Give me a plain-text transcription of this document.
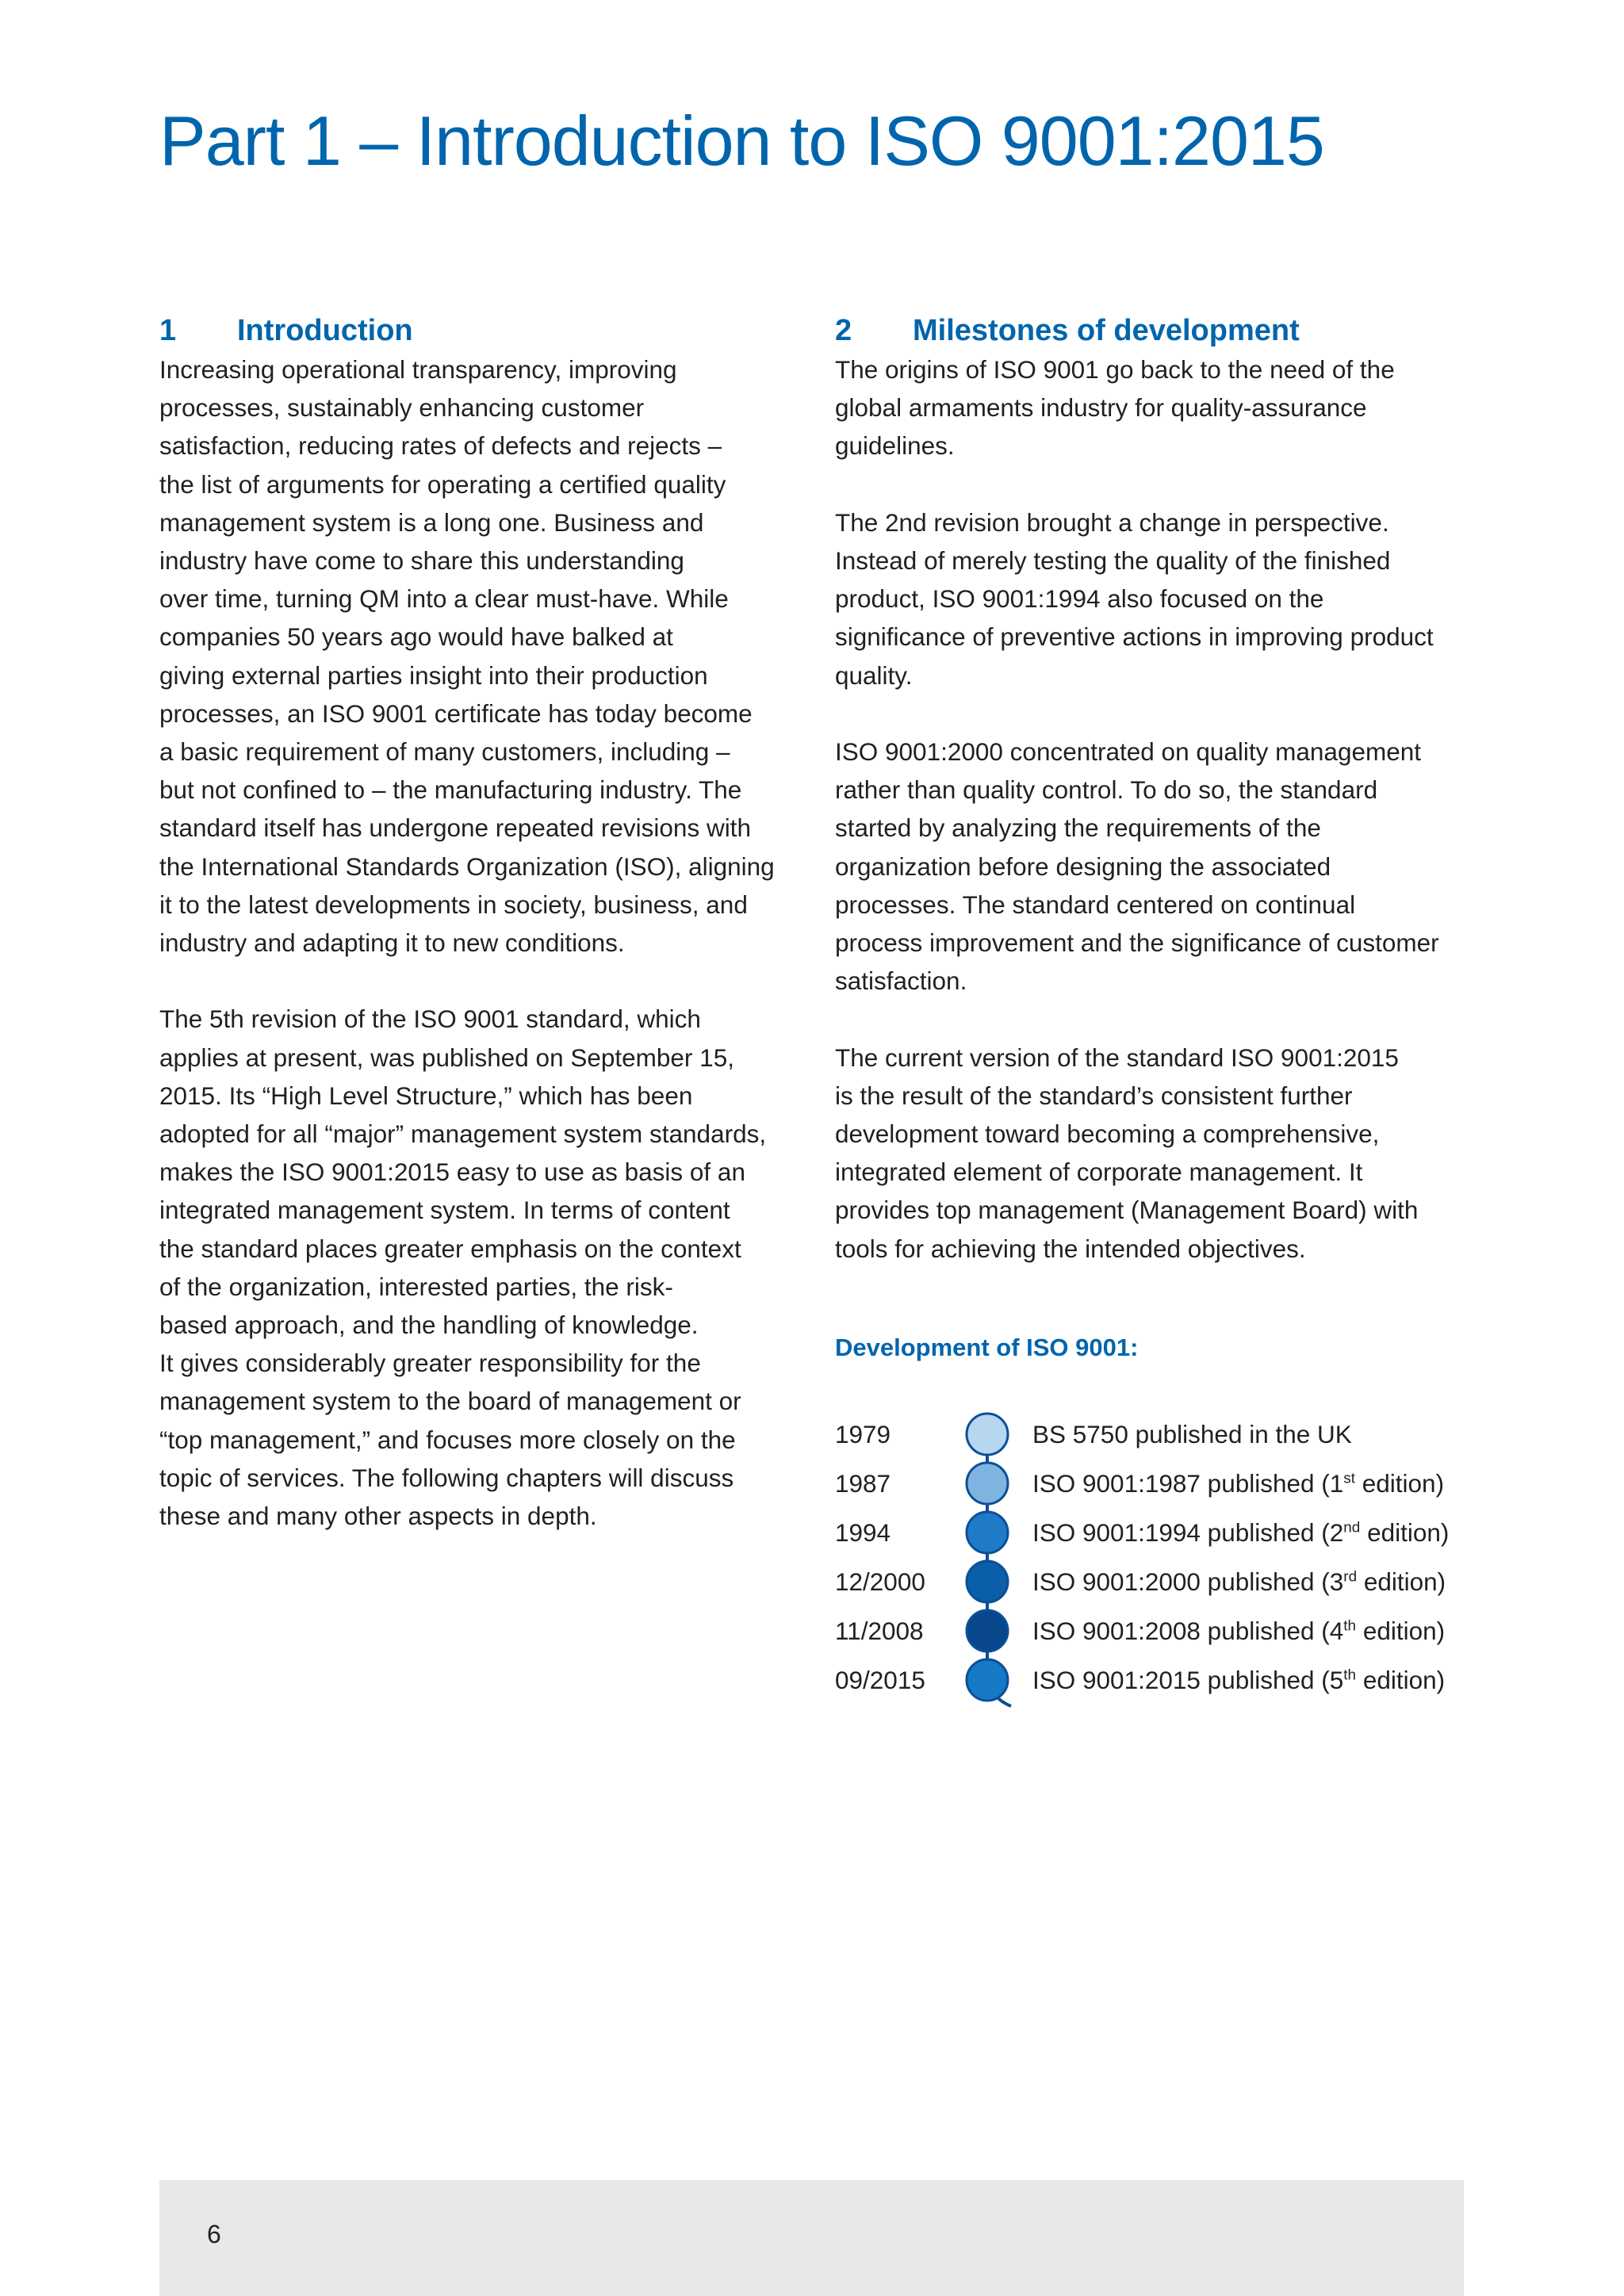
Part 1 – Introduction to ISO 9001:2015
1	Introduction

Increasing operational transparency, improving
processes, sustainably enhancing customer
satisfaction, reducing rates of defects and rejects –
the list of arguments for operating a certified quality
management system is a long one. Business and
industry have come to share this understanding
over time, turning QM into a clear must-have. While
companies 50 years ago would have balked at
giving external parties insight into their production
processes, an ISO 9001 certificate has today become
a basic requirement of many customers, including –
but not confined to – the manufacturing industry. The
standard itself has undergone repeated revisions with
the International Standards Organization (ISO), aligning
it to the latest developments in society, business, and
industry and adapting it to new conditions.

The 5th revision of the ISO 9001 standard, which
applies at present, was published on September 15,
2015. Its “High Level Structure,” which has been
adopted for all “major” management system standards,
makes the ISO 9001:2015 easy to use as basis of an
integrated management system. In terms of content
the standard places greater emphasis on the context
of the organization, interested parties, the risk-
based approach, and the handling of knowledge.
It gives considerably greater responsibility for the
management system to the board of management or
“top management,” and focuses more closely on the
topic of services. The following chapters will discuss
these and many other aspects in depth.

2	Milestones of development

The origins of ISO 9001 go back to the need of the
global armaments industry for quality-assurance
guidelines.

The 2nd revision brought a change in perspective.
Instead of merely testing the quality of the finished
product, ISO 9001:1994 also focused on the
significance of preventive actions in improving product
quality.

ISO 9001:2000 concentrated on quality management
rather than quality control. To do so, the standard
started by analyzing the requirements of the
organization before designing the associated
processes. The standard centered on continual
process improvement and the significance of customer
satisfaction.

The current version of the standard ISO 9001:2015
is the result of the standard’s consistent further
development toward becoming a comprehensive,
integrated element of corporate management. It
provides top management (Management Board) with
tools for achieving the intended objectives.

Development of ISO 9001:
1979	BS 5750 published in the UK
1987	ISO 9001:1987 published (1st edition)
1994	ISO 9001:1994 published (2nd edition)
12/2000	ISO 9001:2000 published (3rd edition)
11/2008	ISO 9001:2008 published (4th edition)
09/2015	ISO 9001:2015 published (5th edition)
6
